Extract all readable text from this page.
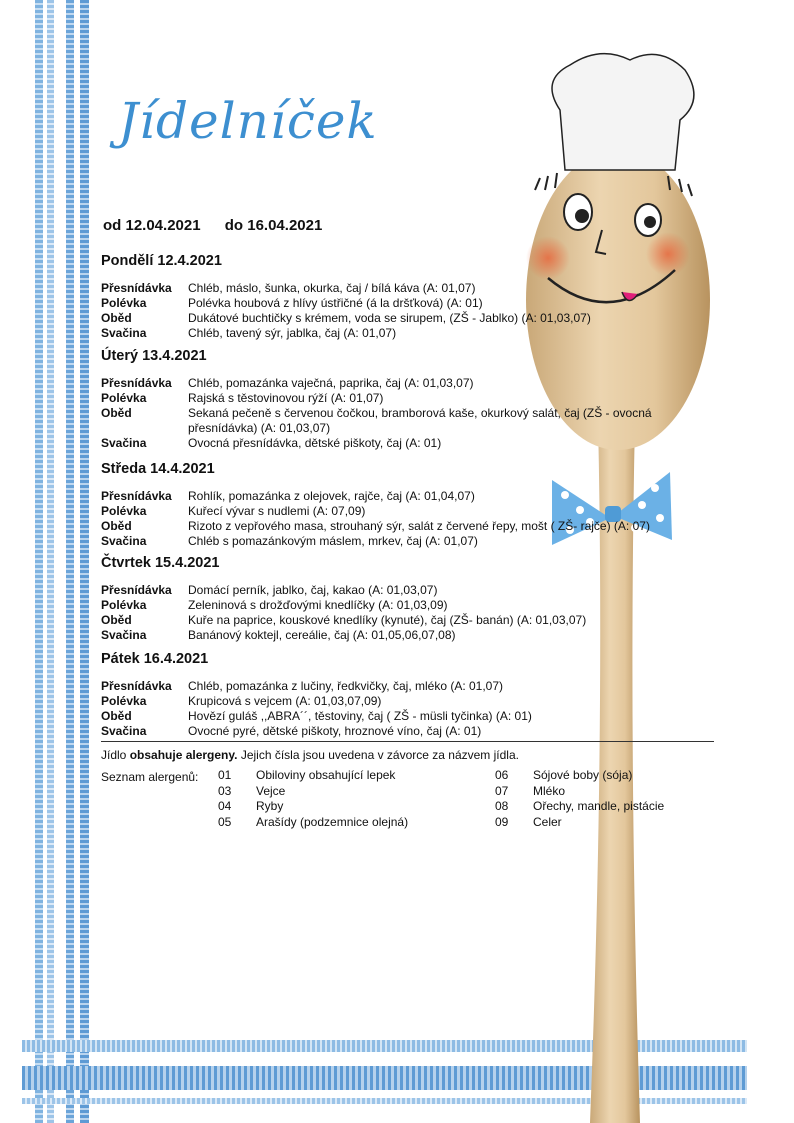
Jídelníček
od 12.04.2021 do 16.04.2021
Pondělí 12.4.2021
Přesnídávka	Chléb, máslo, šunka, okurka, čaj / bílá káva (A: 01,07)
Polévka	Polévka houbová z hlívy ústřičné (á la dršťková) (A: 01)
Oběd	Dukátové buchtičky s krémem, voda se sirupem, (ZŠ - Jablko) (A: 01,03,07)
Svačina	Chléb, tavený sýr, jablka, čaj (A: 01,07)
Úterý 13.4.2021
Přesnídávka	Chléb, pomazánka vaječná, paprika, čaj (A: 01,03,07)
Polévka	Rajská s těstovinovou rýží (A: 01,07)
Oběd	Sekaná pečeně s červenou čočkou, bramborová kaše, okurkový salát, čaj (ZŠ - ovocná přesnídávka) (A: 01,03,07)
Svačina	Ovocná přesnídávka, dětské piškoty, čaj (A: 01)
Středa 14.4.2021
Přesnídávka	Rohlík, pomazánka z olejovek, rajče, čaj (A: 01,04,07)
Polévka	Kuřecí vývar s nudlemi (A: 07,09)
Oběd	Rizoto z vepřového masa, strouhaný sýr, salát z červené řepy, mošt ( ZŠ- rajče) (A: 07)
Svačina	Chléb s pomazánkovým máslem, mrkev, čaj (A: 01,07)
Čtvrtek 15.4.2021
Přesnídávka	Domácí perník, jablko, čaj, kakao (A: 01,03,07)
Polévka	Zeleninová s drožďovými knedlíčky (A: 01,03,09)
Oběd	Kuře na paprice, kouskové knedlíky (kynuté), čaj (ZŠ- banán) (A: 01,03,07)
Svačina	Banánový koktejl, cereálie, čaj (A: 01,05,06,07,08)
Pátek 16.4.2021
Přesnídávka	Chléb, pomazánka z lučiny, ředkvičky, čaj, mléko (A: 01,07)
Polévka	Krupicová s vejcem (A: 01,03,07,09)
Oběd	Hovězí guláš ,,ABRA´´, těstoviny, čaj ( ZŠ - müsli tyčinka) (A: 01)
Svačina	Ovocné pyré, dětské piškoty, hroznové víno, čaj (A: 01)
Jídlo obsahuje alergeny. Jejich čísla jsou uvedena v závorce za názvem jídla.
Seznam alergenů: 01	Obiloviny obsahující lepek
03	Vejce
04	Ryby
05	Arašídy (podzemnice olejná)
06	Sójové boby (sója)
07	Mléko
08	Ořechy, mandle, pistácie
09	Celer
